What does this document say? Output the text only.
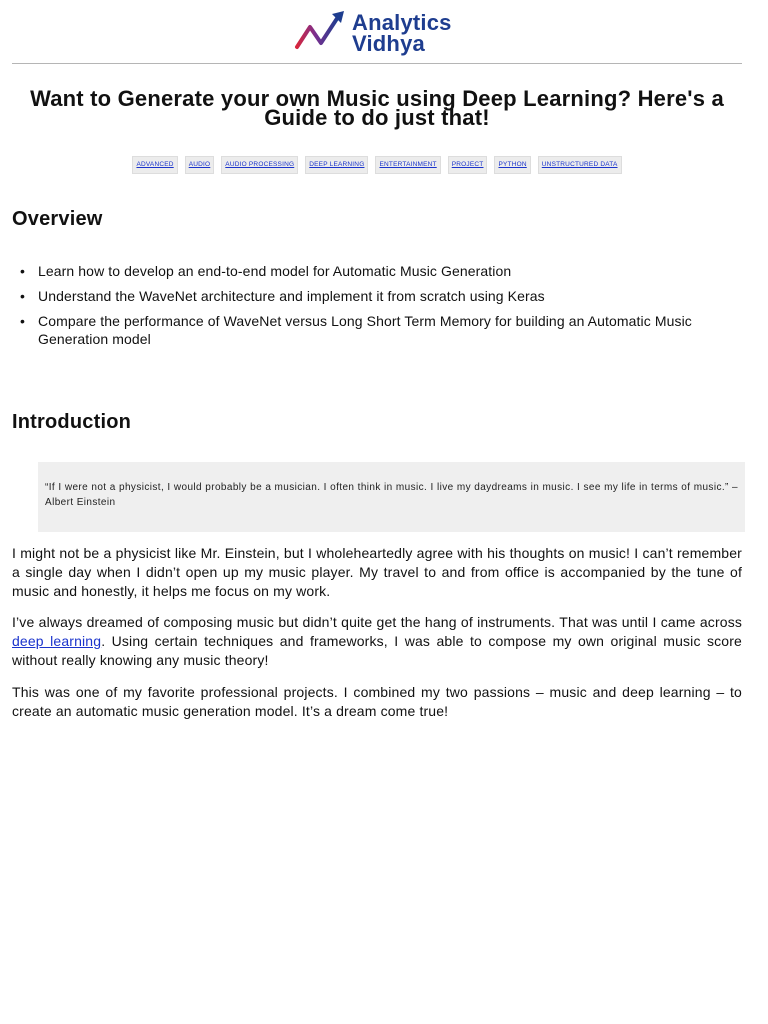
Analytics
Vidhya
Want to Generate your own Music using Deep Learning? Here's a Guide to do just that!
ADVANCED	AUDIO	AUDIO PROCESSING	DEEP LEARNING	ENTERTAINMENT	PROJECT	PYTHON	UNSTRUCTURED DATA
Overview
• Learn how to develop an end-to-end model for Automatic Music Generation
• Understand the WaveNet architecture and implement it from scratch using Keras
• Compare the performance of WaveNet versus Long Short Term Memory for building an Automatic Music Generation model
Introduction

“If I were not a physicist, I would probably be a musician. I often think in music. I live my daydreams in music. I see my life in terms of music.” – Albert Einstein

I might not be a physicist like Mr. Einstein, but I wholeheartedly agree with his thoughts on music! I can’t remember a single day when I didn’t open up my music player. My travel to and from office is accompanied by the tune of music and honestly, it helps me focus on my work.

I’ve always dreamed of composing music but didn’t quite get the hang of instruments. That was until I came across deep learning. Using certain techniques and frameworks, I was able to compose my own original music score without really knowing any music theory!

This was one of my favorite professional projects. I combined my two passions – music and deep learning – to create an automatic music generation model. It’s a dream come true!
